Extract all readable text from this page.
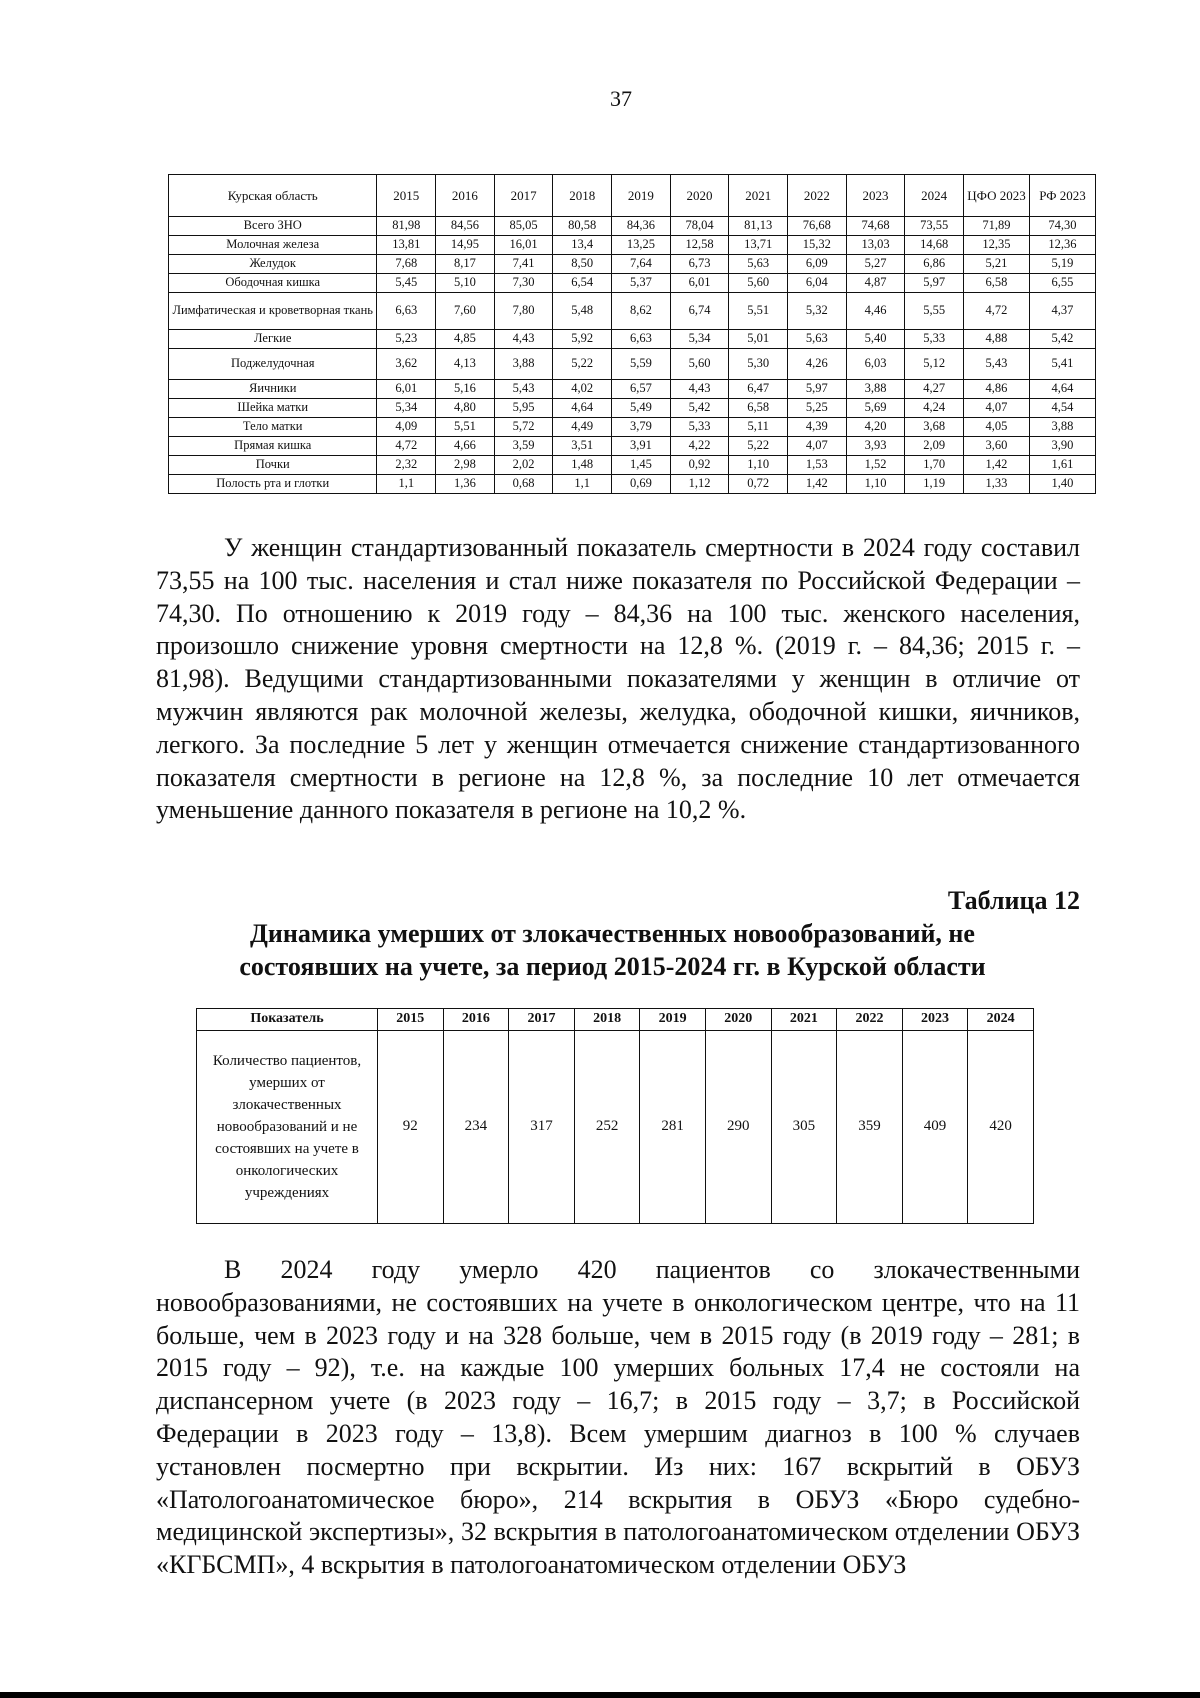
37
Курская область	2015	2016	2017	2018	2019	2020	2021	2022	2023	2024	ЦФО 2023	РФ 2023
Всего ЗНО	81,98	84,56	85,05	80,58	84,36	78,04	81,13	76,68	74,68	73,55	71,89	74,30
Молочная железа	13,81	14,95	16,01	13,4	13,25	12,58	13,71	15,32	13,03	14,68	12,35	12,36
Желудок	7,68	8,17	7,41	8,50	7,64	6,73	5,63	6,09	5,27	6,86	5,21	5,19
Ободочная кишка	5,45	5,10	7,30	6,54	5,37	6,01	5,60	6,04	4,87	5,97	6,58	6,55
Лимфатическая и кроветворная ткань	6,63	7,60	7,80	5,48	8,62	6,74	5,51	5,32	4,46	5,55	4,72	4,37
Легкие	5,23	4,85	4,43	5,92	6,63	5,34	5,01	5,63	5,40	5,33	4,88	5,42
Поджелудочная	3,62	4,13	3,88	5,22	5,59	5,60	5,30	4,26	6,03	5,12	5,43	5,41
Яичники	6,01	5,16	5,43	4,02	6,57	4,43	6,47	5,97	3,88	4,27	4,86	4,64
Шейка матки	5,34	4,80	5,95	4,64	5,49	5,42	6,58	5,25	5,69	4,24	4,07	4,54
Тело матки	4,09	5,51	5,72	4,49	3,79	5,33	5,11	4,39	4,20	3,68	4,05	3,88
Прямая кишка	4,72	4,66	3,59	3,51	3,91	4,22	5,22	4,07	3,93	2,09	3,60	3,90
Почки	2,32	2,98	2,02	1,48	1,45	0,92	1,10	1,53	1,52	1,70	1,42	1,61
Полость рта и глотки	1,1	1,36	0,68	1,1	0,69	1,12	0,72	1,42	1,10	1,19	1,33	1,40

У женщин стандартизованный показатель смертности в 2024 году составил 73,55 на 100 тыс. населения и стал ниже показателя по Российской Федерации – 74,30. По отношению к 2019 году – 84,36 на 100 тыс. женского населения, произошло снижение уровня смертности на 12,8 %. (2019 г. – 84,36; 2015 г. – 81,98). Ведущими стандартизованными показателями у женщин в отличие от мужчин являются рак молочной железы, желудка, ободочной кишки, яичников, легкого. За последние 5 лет у женщин отмечается снижение стандартизованного показателя смертности в регионе на 12,8 %, за последние 10 лет отмечается уменьшение данного показателя в регионе на 10,2 %.

Таблица 12
Динамика умерших от злокачественных новообразований, не
состоявших на учете, за период 2015-2024 гг. в Курской области
Показатель	2015	2016	2017	2018	2019	2020	2021	2022	2023	2024
Количество пациентов, умерших от злокачественных новообразований и не состоявших на учете в онкологических учреждениях	92	234	317	252	281	290	305	359	409	420

В 2024 году умерло 420 пациентов со злокачественными новообразованиями, не состоявших на учете в онкологическом центре, что на 11 больше, чем в 2023 году и на 328 больше, чем в 2015 году (в 2019 году – 281; в 2015 году – 92), т.е. на каждые 100 умерших больных 17,4 не состояли на диспансерном учете (в 2023 году – 16,7; в 2015 году – 3,7; в Российской Федерации в 2023 году – 13,8). Всем умершим диагноз в 100 % случаев установлен посмертно при вскрытии. Из них: 167 вскрытий в ОБУЗ «Патологоанатомическое бюро», 214 вскрытия в ОБУЗ «Бюро судебно-медицинской экспертизы», 32 вскрытия в патологоанатомическом отделении ОБУЗ «КГБСМП», 4 вскрытия в патологоанатомическом отделении ОБУЗ
